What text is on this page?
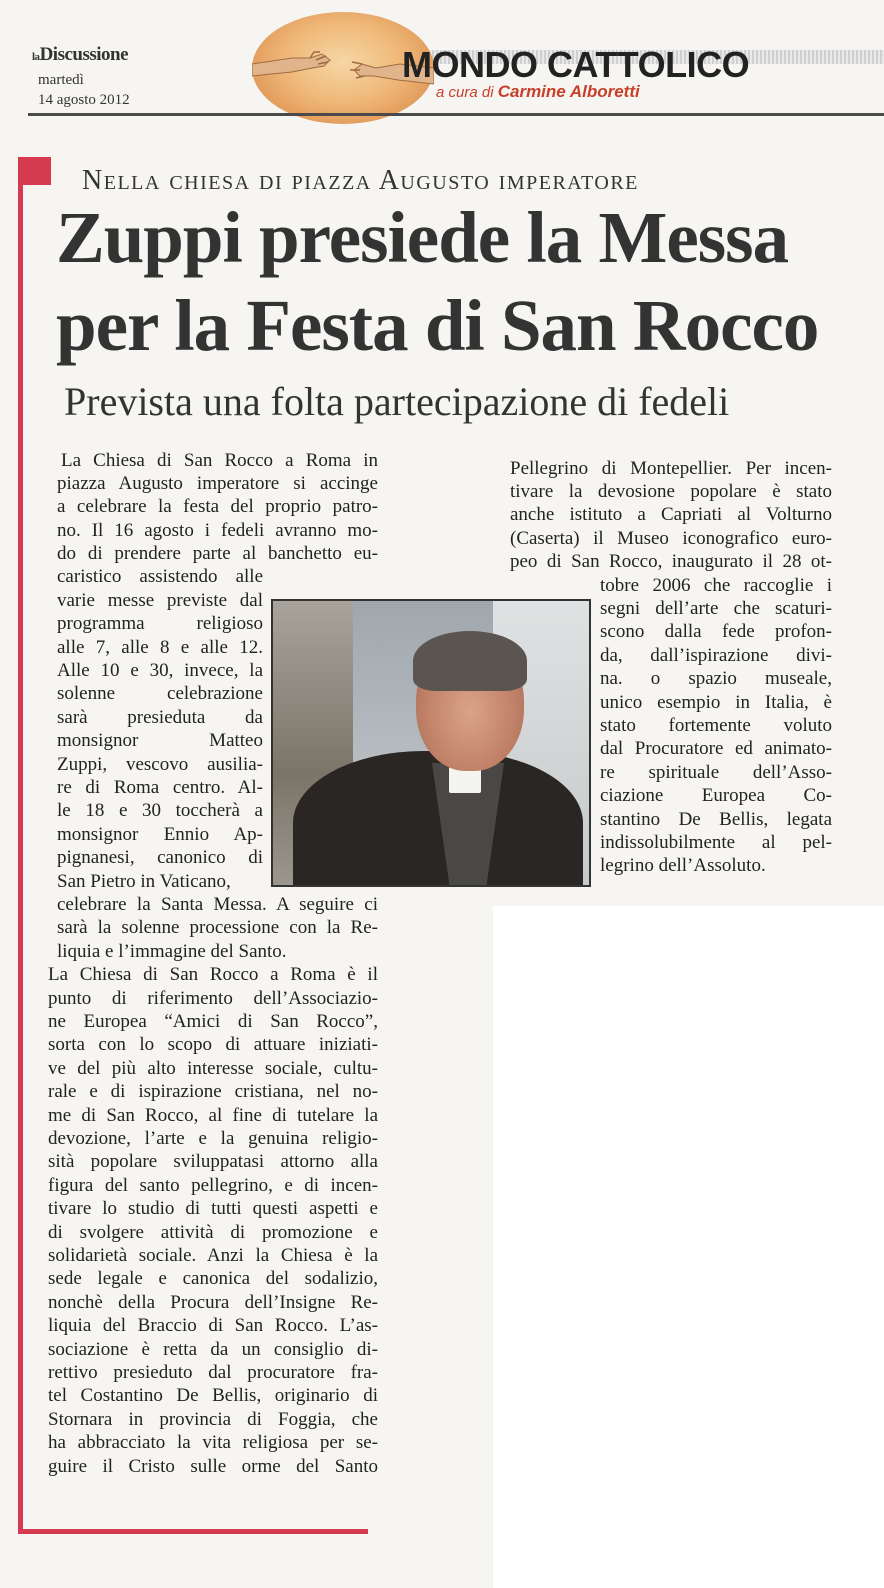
laDiscussione
martedì
14 agosto 2012
MONDO CATTOLICO
a cura di Carmine Alboretti
Nella chiesa di piazza Augusto imperatore
Zuppi presiede la Messa
per la Festa di San Rocco
Prevista una folta partecipazione di fedeli
La Chiesa di San Rocco a Roma in
piazza Augusto imperatore si accinge
a celebrare la festa del proprio patro-
no. Il 16 agosto i fedeli avranno mo-
do di prendere parte al banchetto eu-
caristico assistendo alle
varie messe previste dal
programma religioso
alle 7, alle 8 e alle 12.
Alle 10 e 30, invece, la
solenne celebrazione
sarà presieduta da
monsignor Matteo
Zuppi, vescovo ausilia-
re di Roma centro. Al-
le 18 e 30 toccherà a
monsignor Ennio Ap-
pignanesi, canonico di
San Pietro in Vaticano,
celebrare la Santa Messa. A seguire ci
sarà la solenne processione con la Re-
liquia e l’immagine del Santo.
La Chiesa di San Rocco a Roma è il
punto di riferimento dell’Associazio-
ne Europea “Amici di San Rocco”,
sorta con lo scopo di attuare iniziati-
ve del più alto interesse sociale, cultu-
rale e di ispirazione cristiana, nel no-
me di San Rocco, al fine di tutelare la
devozione, l’arte e la genuina religio-
sità popolare sviluppatasi attorno alla
figura del santo pellegrino, e di incen-
tivare lo studio di tutti questi aspetti e
di svolgere attività di promozione e
solidarietà sociale. Anzi la Chiesa è la
sede legale e canonica del sodalizio,
nonchè della Procura dell’Insigne Re-
liquia del Braccio di San Rocco. L’as-
sociazione è retta da un consiglio di-
rettivo presieduto dal procuratore fra-
tel Costantino De Bellis, originario di
Stornara in provincia di Foggia, che
ha abbracciato la vita religiosa per se-
guire il Cristo sulle orme del Santo
Pellegrino di Montepellier. Per incen-
tivare la devosione popolare è stato
anche istituto a Capriati al Volturno
(Caserta) il Museo iconografico euro-
peo di San Rocco, inaugurato il 28 ot-
tobre 2006 che raccoglie i
segni dell’arte che scaturi-
scono dalla fede profon-
da, dall’ispirazione divi-
na. o spazio museale,
unico esempio in Italia, è
stato fortemente voluto
dal Procuratore ed animato-
re spirituale dell’Asso-
ciazione Europea Co-
stantino De Bellis, legata
indissolubilmente al pel-
legrino dell’Assoluto.
